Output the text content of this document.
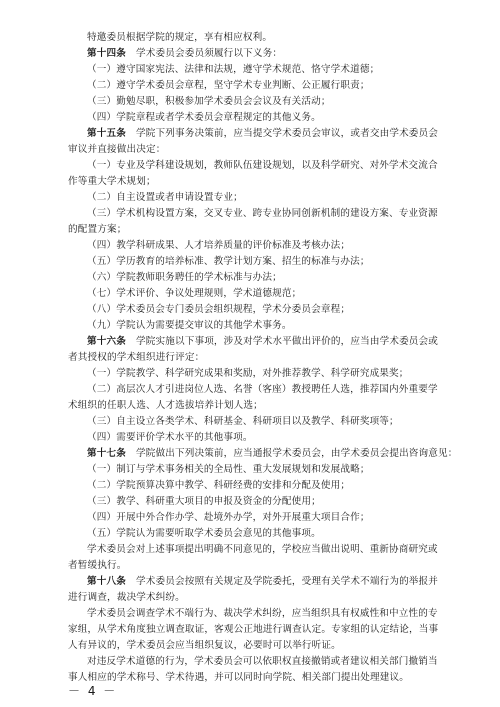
特邀委员根据学院的规定，享有相应权利。
第十四条 学术委员会委员须履行以下义务：
（一）遵守国家宪法、法律和法规，遵守学术规范、恪守学术道德；
（二）遵守学术委员会章程，坚守学术专业判断、公正履行职责；
（三）勤勉尽职，积极参加学术委员会会议及有关活动；
（四）学院章程或者学术委员会章程规定的其他义务。
第十五条 学院下列事务决策前，应当提交学术委员会审议，或者交由学术委员会
审议并直接做出决定：
（一）专业及学科建设规划，教师队伍建设规划，以及科学研究、对外学术交流合
作等重大学术规划；
（二）自主设置或者申请设置专业；
（三）学术机构设置方案，交叉专业、跨专业协同创新机制的建设方案、专业资源
的配置方案；
（四）教学科研成果、人才培养质量的评价标准及考核办法；
（五）学历教育的培养标准、教学计划方案、招生的标准与办法；
（六）学院教师职务聘任的学术标准与办法；
（七）学术评价、争议处理规则，学术道德规范；
（八）学术委员会专门委员会组织规程，学术分委员会章程；
（九）学院认为需要提交审议的其他学术事务。
第十六条 学院实施以下事项，涉及对学术水平做出评价的，应当由学术委员会或
者其授权的学术组织进行评定：
（一）学院教学、科学研究成果和奖励，对外推荐教学、科学研究成果奖；
（二）高层次人才引进岗位人选、名誉（客座）教授聘任人选，推荐国内外重要学
术组织的任职人选、人才选拔培养计划人选；
（三）自主设立各类学术、科研基金、科研项目以及教学、科研奖项等；
（四）需要评价学术水平的其他事项。
第十七条 学院做出下列决策前，应当通报学术委员会，由学术委员会提出咨询意见：
（一）制订与学术事务相关的全局性、重大发展规划和发展战略；
（二）学院预算决算中教学、科研经费的安排和分配及使用；
（三）教学、科研重大项目的申报及资金的分配使用；
（四）开展中外合作办学、赴境外办学，对外开展重大项目合作；
（五）学院认为需要听取学术委员会意见的其他事项。
学术委员会对上述事项提出明确不同意见的，学校应当做出说明、重新协商研究或
者暂缓执行。
第十八条 学术委员会按照有关规定及学院委托，受理有关学术不端行为的举报并
进行调查，裁决学术纠纷。
学术委员会调查学术不端行为、裁决学术纠纷，应当组织具有权威性和中立性的专
家组，从学术角度独立调查取证，客观公正地进行调查认定。专家组的认定结论，当事
人有异议的，学术委员会应当组织复议，必要时可以举行听证。
对违反学术道德的行为，学术委员会可以依职权直接撤销或者建议相关部门撤销当
事人相应的学术称号、学术待遇，并可以同时向学院、相关部门提出处理建议。
－ 4 －
